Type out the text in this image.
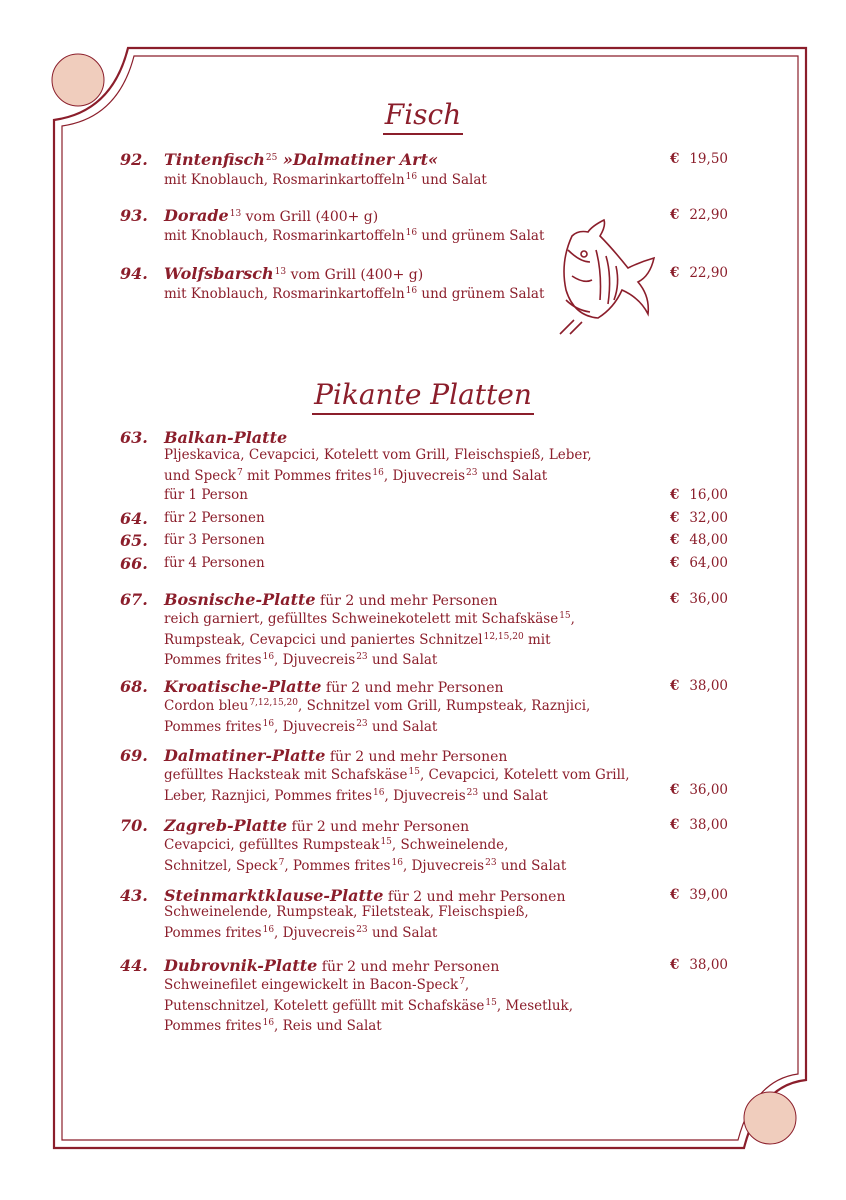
Fisch
92. Tintenfisch$^{25}$ »Dalmatiner Art«
mit Knoblauch, Rosmarinkartoffeln$^{16}$ und Salat
€ 19,50
93. Dorade$^{13}$ vom Grill (400+ g)
mit Knoblauch, Rosmarinkartoffeln$^{16}$ und grünem Salat
€ 22,90
94. Wolfsbarsch$^{13}$ vom Grill (400+ g)
mit Knoblauch, Rosmarinkartoffeln$^{16}$ und grünem Salat
€ 22,90
Pikante Platten
63. Balkan-Platte
Pljeskavica, Cevapcici, Kotelett vom Grill, Fleischspieß, Leber,
und Speck$^7$ mit Pommes frites$^{16}$, Djuvecreis$^{23}$ und Salat
für 1 Person	€ 16,00
64. für 2 Personen	€ 32,00
65. für 3 Personen	€ 48,00
66. für 4 Personen	€ 64,00
67. Bosnische-Platte für 2 und mehr Personen
reich garniert, gefülltes Schweinekotelett mit Schafskäse$^{15}$,
Rumpsteak, Cevapcici und paniertes Schnitzel$^{12,15,20}$ mit
Pommes frites$^{16}$, Djuvecreis$^{23}$ und Salat
€ 36,00
68. Kroatische-Platte für 2 und mehr Personen
Cordon bleu$^{7,12,15,20}$, Schnitzel vom Grill, Rumpsteak, Raznjici,
Pommes frites$^{16}$, Djuvecreis$^{23}$ und Salat
€ 38,00
69. Dalmatiner-Platte für 2 und mehr Personen
gefülltes Hacksteak mit Schafskäse$^{15}$, Cevapcici, Kotelett vom Grill,
Leber, Raznjici, Pommes frites$^{16}$, Djuvecreis$^{23}$ und Salat	€ 36,00
70. Zagreb-Platte für 2 und mehr Personen
Cevapcici, gefülltes Rumpsteak$^{15}$, Schweinelende,
Schnitzel, Speck$^7$, Pommes frites$^{16}$, Djuvecreis$^{23}$ und Salat
€ 38,00
43. Steinmarktklause-Platte für 2 und mehr Personen
Schweinelende, Rumpsteak, Filetsteak, Fleischspieß,
Pommes frites$^{16}$, Djuvecreis$^{23}$ und Salat
€ 39,00
44. Dubrovnik-Platte für 2 und mehr Personen
Schweinefilet eingewickelt in Bacon-Speck$^7$,
Putenschnitzel, Kotelett gefüllt mit Schafskäse$^{15}$, Mesetluk,
Pommes frites$^{16}$, Reis und Salat
€ 38,00
